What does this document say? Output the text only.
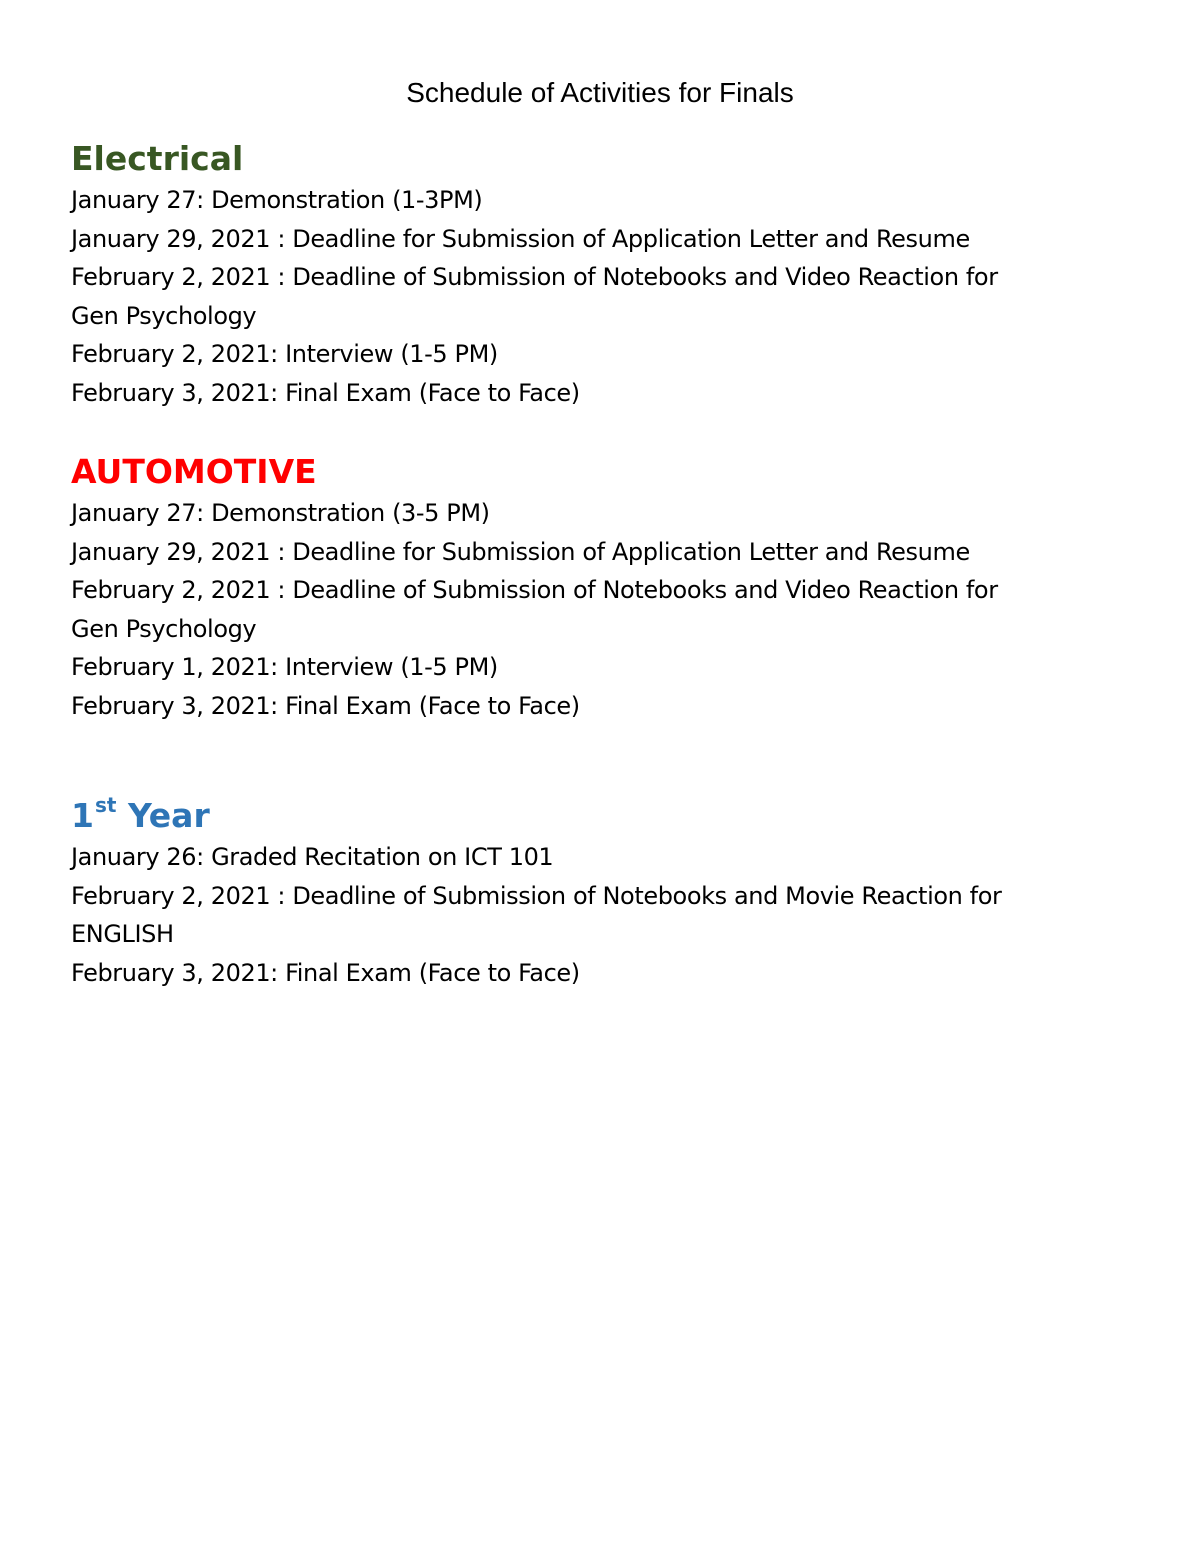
Schedule of Activities for Finals
Electrical
January 27: Demonstration (1-3PM)
January 29, 2021 : Deadline for Submission of Application Letter and Resume
February 2, 2021 : Deadline of Submission of Notebooks and Video Reaction for
Gen Psychology
February 2, 2021: Interview (1-5 PM)
February 3, 2021: Final Exam (Face to Face)
AUTOMOTIVE
January 27: Demonstration (3-5 PM)
January 29, 2021 : Deadline for Submission of Application Letter and Resume
February 2, 2021 : Deadline of Submission of Notebooks and Video Reaction for
Gen Psychology
February 1, 2021: Interview (1-5 PM)
February 3, 2021: Final Exam (Face to Face)
1st Year
January 26: Graded Recitation on ICT 101
February 2, 2021 : Deadline of Submission of Notebooks and Movie Reaction for
ENGLISH
February 3, 2021: Final Exam (Face to Face)
